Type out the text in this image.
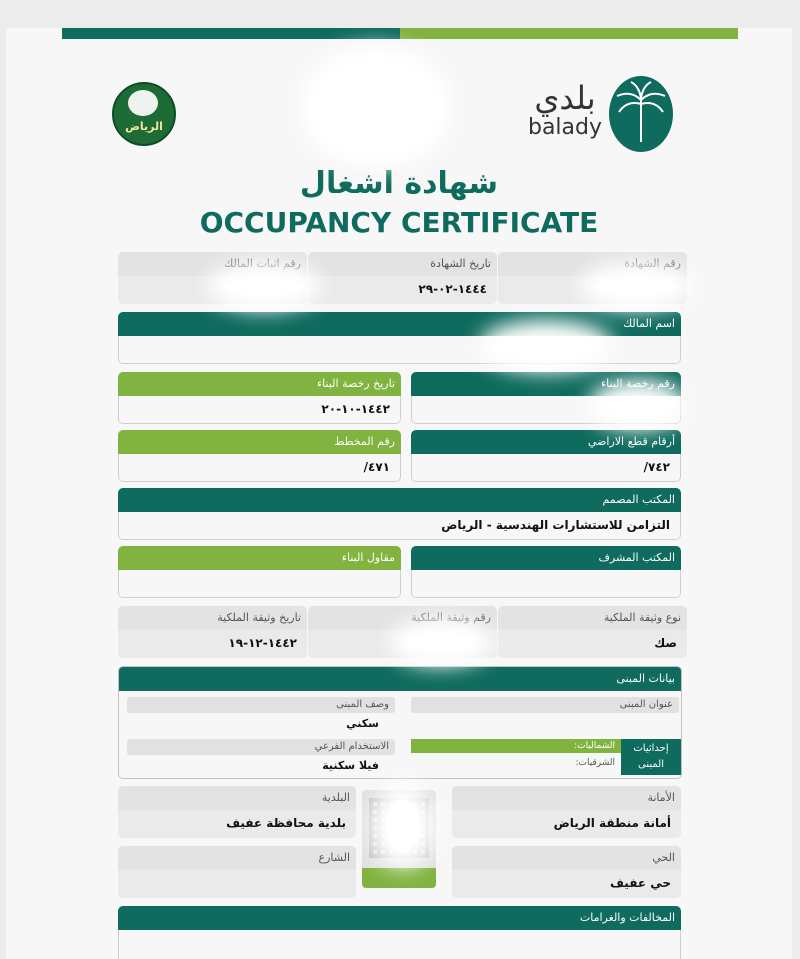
الرياض
بلدي
balady
شهادة اشغال
OCCUPANCY CERTIFICATE
رقم الشهادة
تاريخ الشهادة
١٤٤٤-٠٢-٢٩
رقم اثبات المالك
اسم المالك
رقم رخصة البناء
تاريخ رخصة البناء
١٤٤٢-١٠-٢٠
أرقام قطع الاراضي
٧٤٢/
رقم المخطط
٤٧١/
المكتب المصمم
التزامن للاستشارات الهندسية - الرياض
المكتب المشرف
مقاول البناء
نوع وثيقة الملكية
صك
رقم وثيقة الملكية
تاريخ وثيقة الملكية
١٤٤٢-١٢-١٩
بيانات المبنى
عنوان المبنى
وصف المبنى
سكني
الاستخدام الفرعي
فيلا سكنية
إحداثيات المبنى
الشماليات:
الشرقيات:
الأمانة
أمانة منطقة الرياض
البلدية
بلدية محافظة عفيف
الحي
حي عفيف
الشارع
المخالفات والغرامات
